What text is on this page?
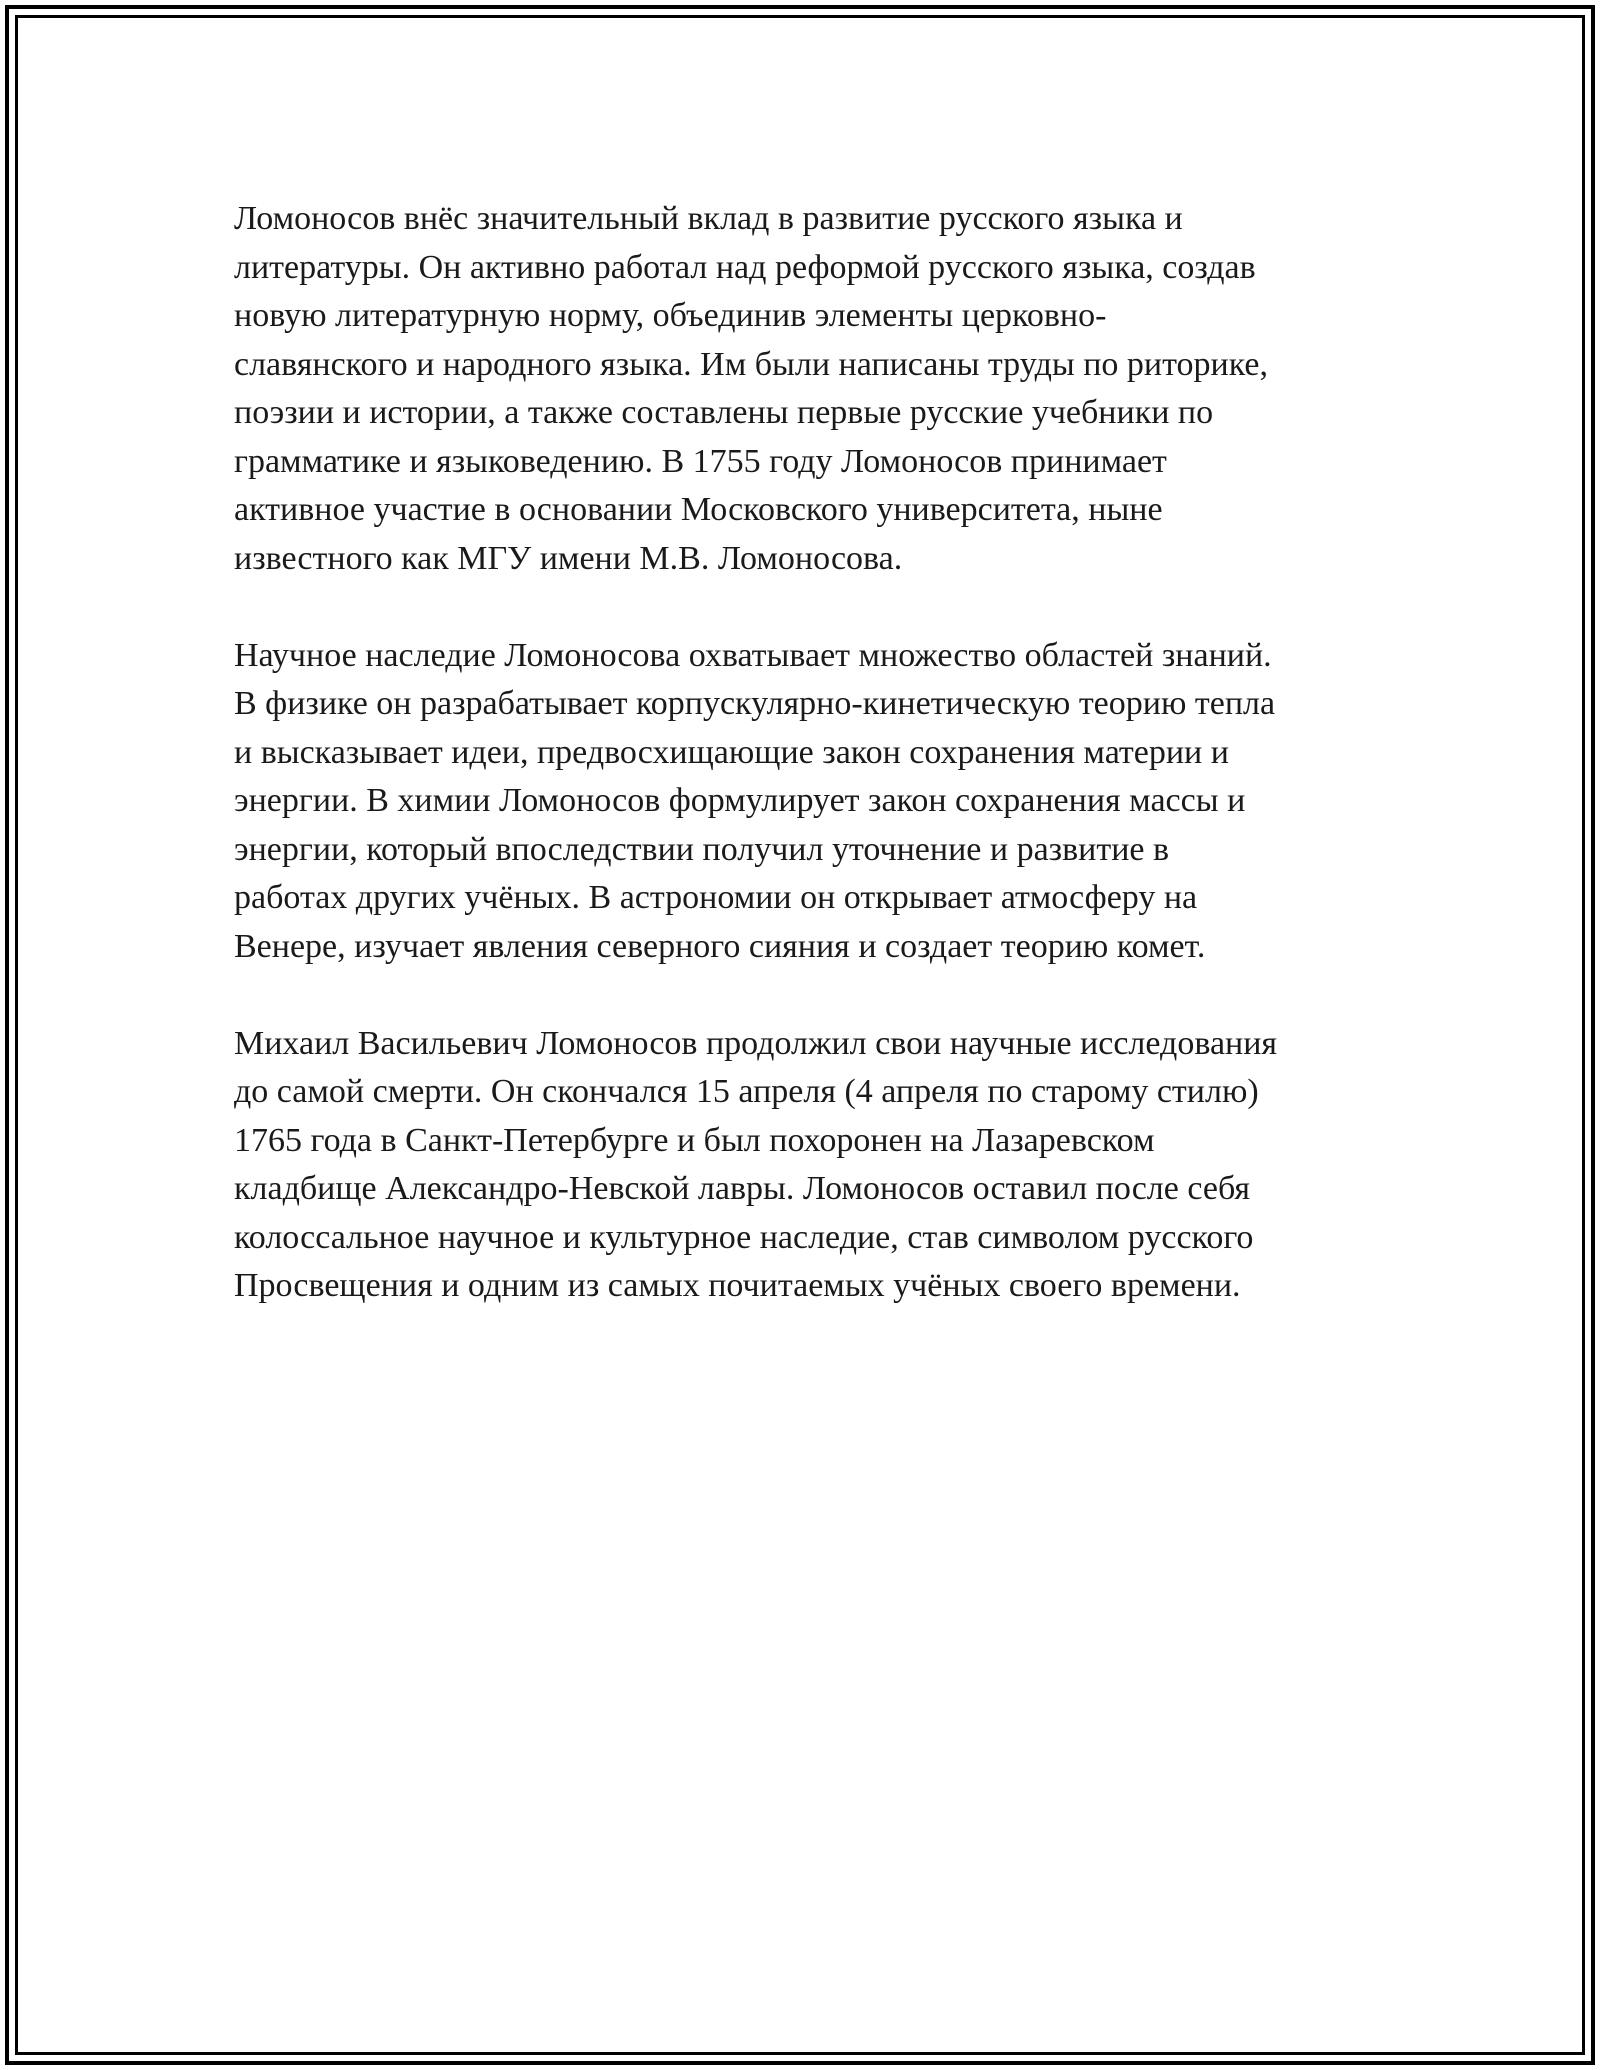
Ломоносов внёс значительный вклад в развитие русского языка и
литературы. Он активно работал над реформой русского языка, создав
новую литературную норму, объединив элементы церковно-
славянского и народного языка. Им были написаны труды по риторике,
поэзии и истории, а также составлены первые русские учебники по
грамматике и языковедению. В 1755 году Ломоносов принимает
активное участие в основании Московского университета, ныне
известного как МГУ имени М.В. Ломоносова.

Научное наследие Ломоносова охватывает множество областей знаний.
В физике он разрабатывает корпускулярно-кинетическую теорию тепла
и высказывает идеи, предвосхищающие закон сохранения материи и
энергии. В химии Ломоносов формулирует закон сохранения массы и
энергии, который впоследствии получил уточнение и развитие в
работах других учёных. В астрономии он открывает атмосферу на
Венере, изучает явления северного сияния и создает теорию комет.

Михаил Васильевич Ломоносов продолжил свои научные исследования
до самой смерти. Он скончался 15 апреля (4 апреля по старому стилю)
1765 года в Санкт-Петербурге и был похоронен на Лазаревском
кладбище Александро-Невской лавры. Ломоносов оставил после себя
колоссальное научное и культурное наследие, став символом русского
Просвещения и одним из самых почитаемых учёных своего времени.
